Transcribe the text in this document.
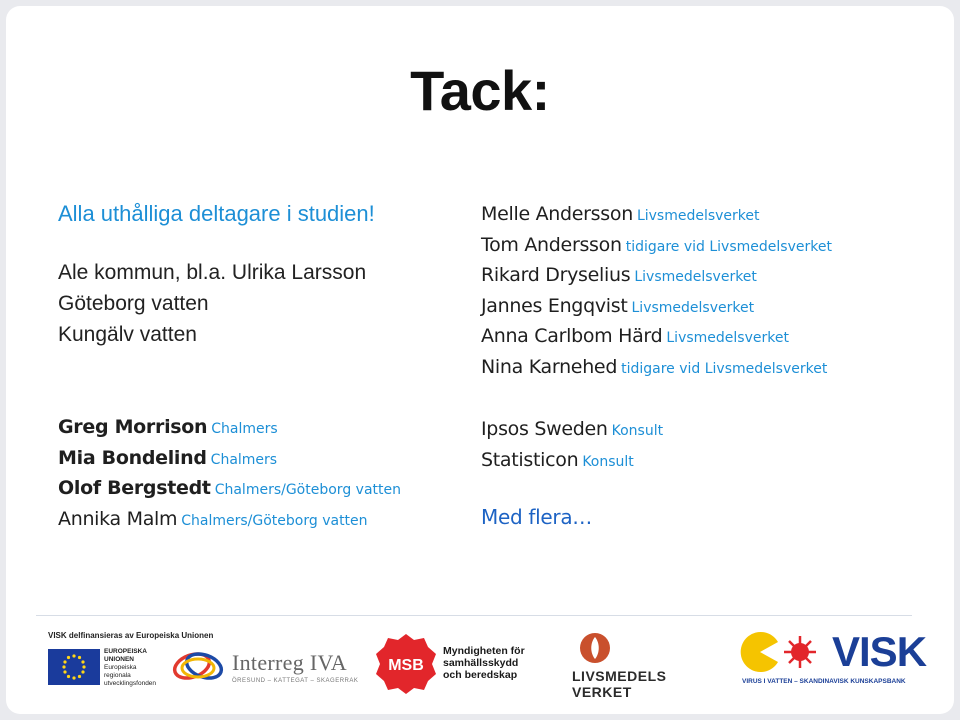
Tack:
Alla uthålliga deltagare i studien!
Ale kommun, bl.a. Ulrika Larsson
Göteborg vatten
Kungälv vatten
Greg Morrison Chalmers
Mia Bondelind Chalmers
Olof Bergstedt Chalmers/Göteborg vatten
Annika Malm Chalmers/Göteborg vatten
Melle Andersson Livsmedelsverket
Tom Andersson tidigare vid Livsmedelsverket
Rikard Dryselius Livsmedelsverket
Jannes Engqvist Livsmedelsverket
Anna Carlbom Härd Livsmedelsverket
Nina Karnehed tidigare vid Livsmedelsverket
Ipsos Sweden Konsult
Statisticon Konsult
Med flera…
VISK delfinansieras av Europeiska Unionen
EUROPEISKA
UNIONEN
Europeiska
regionala
utvecklingsfonden
Interreg IVA
ÖRESUND – KATTEGAT – SKAGERRAK
MSB
Myndigheten för
samhällsskydd
och beredskap	LIVSMEDELS
VERKET
VISK
VIRUS I VATTEN – SKANDINAVISK KUNSKAPSBANK
